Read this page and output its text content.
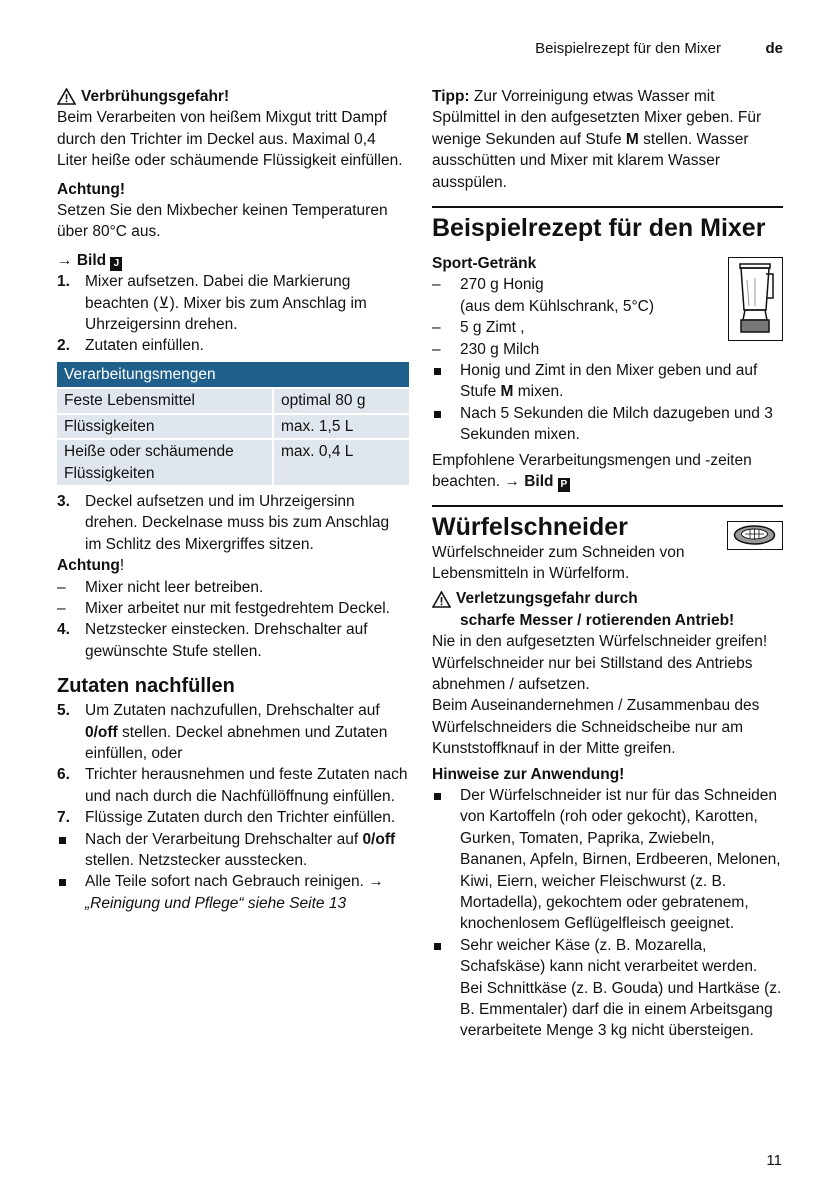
Beispielrezept für den Mixer	de
Verbrühungsgefahr!

Beim Verarbeiten von heißem Mixgut tritt Dampf durch den Trichter im Deckel aus. Maximal 0,4 Liter heiße oder schäumende Flüssigkeit einfüllen.

Achtung!

Setzen Sie den Mixbecher keinen Temperaturen über 80°C aus.

→ Bild J
1. Mixer aufsetzen. Dabei die Markierung beachten (⊻). Mixer bis zum Anschlag im Uhrzeigersinn drehen.
2. Zutaten einfüllen.
Verarbeitungsmengen	
Feste Lebensmittel	optimal 80 g
Flüssigkeiten	max. 1,5 L
Heiße oder schäumende Flüssigkeiten	max. 0,4 L
3. Deckel aufsetzen und im Uhrzeigersinn drehen. Deckelnase muss bis zum Anschlag im Schlitz des Mixergriffes sitzen.

Achtung!

–	Mixer nicht leer betreiben.
–	Mixer arbeitet nur mit festgedrehtem Deckel.
4. Netzstecker einstecken. Drehschalter auf gewünschte Stufe stellen.
Zutaten nachfüllen
5. Um Zutaten nachzufullen, Drehschalter auf 0/off stellen. Deckel abnehmen und Zutaten einfüllen, oder
6. Trichter herausnehmen und feste Zutaten nach und nach durch die Nachfüllöffnung einfüllen.
7. Flüssige Zutaten durch den Trichter einfüllen.
Nach der Verarbeitung Drehschalter auf 0/off stellen. Netzstecker ausstecken.
Alle Teile sofort nach Gebrauch reinigen. → „Reinigung und Pflege“ siehe Seite 13

Tipp: Zur Vorreinigung etwas Wasser mit Spülmittel in den aufgesetzten Mixer geben. Für wenige Sekunden auf Stufe M stellen. Wasser ausschütten und Mixer mit klarem Wasser ausspülen.

Beispielrezept für den Mixer

Sport-Getränk

–	270 g Honig
(aus dem Kühlschrank, 5°C)
–	5 g Zimt ,
–	230 g Milch
Honig und Zimt in den Mixer geben und auf Stufe M mixen.
Nach 5 Sekunden die Milch dazugeben und 3 Sekunden mixen.

Empfohlene Verarbeitungsmengen und -zeiten beachten. → Bild P

Würfelschneider

Würfelschneider zum Schneiden von Lebensmitteln in Würfelform.

Verletzungsgefahr durch

scharfe Messer / rotierenden Antrieb!

Nie in den aufgesetzten Würfelschneider greifen! Würfelschneider nur bei Stillstand des Antriebs abnehmen / aufsetzen.

Beim Auseinandernehmen / Zusammenbau des Würfelschneiders die Schneidscheibe nur am Kunststoffknauf in der Mitte greifen.

Hinweise zur Anwendung!

Der Würfelschneider ist nur für das Schneiden von Kartoffeln (roh oder gekocht), Karotten, Gurken, Tomaten, Paprika, Zwiebeln, Bananen, Apfeln, Birnen, Erdbeeren, Melonen, Kiwi, Eiern, weicher Fleischwurst (z. B. Mortadella), gekochtem oder gebratenem, knochenlosem Geflügelfleisch geeignet.
Sehr weicher Käse (z. B. Mozarella, Schafskäse) kann nicht verarbeitet werden. Bei Schnittkäse (z. B. Gouda) und Hartkäse (z. B. Emmentaler) darf die in einem Arbeitsgang verarbeitete Menge 3 kg nicht übersteigen.
11
